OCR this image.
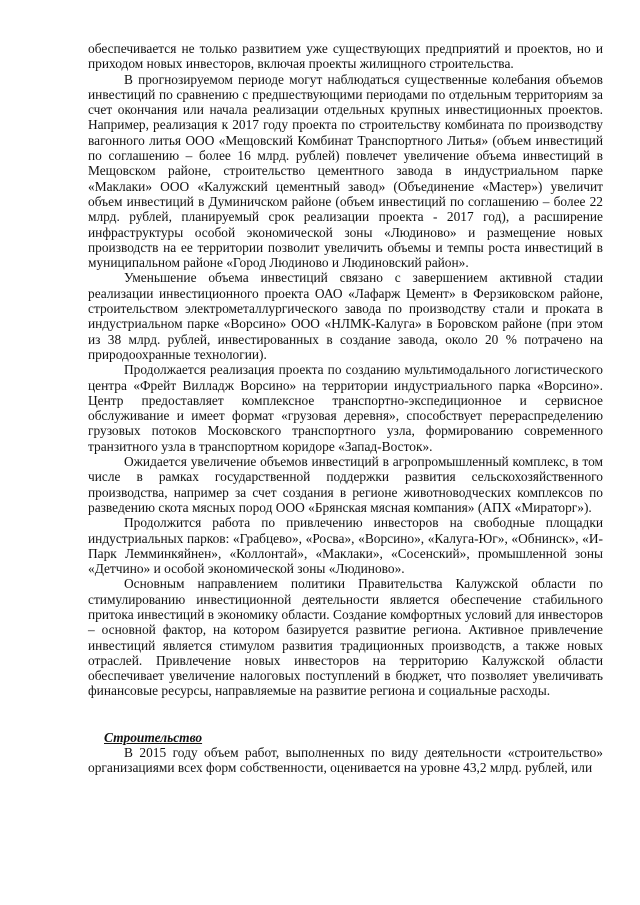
обеспечивается не только развитием уже существующих предприятий и проектов, но и приходом новых инвесторов, включая проекты жилищного строительства.

В прогнозируемом периоде могут наблюдаться существенные колебания объемов инвестиций по сравнению с предшествующими периодами по отдельным территориям за счет окончания или начала реализации отдельных крупных инвестиционных проектов. Например, реализация к 2017 году проекта по строительству комбината по производству вагонного литья ООО «Мещовский Комбинат Транспортного Литья» (объем инвестиций по соглашению – более 16 млрд. рублей) повлечет увеличение объема инвестиций в Мещовском районе, строительство цементного завода в индустриальном парке «Маклаки» ООО «Калужский цементный завод» (Объединение «Мастер») увеличит объем инвестиций в Думиничском районе (объем инвестиций по соглашению – более 22 млрд. рублей, планируемый срок реализации проекта - 2017 год), а расширение инфраструктуры особой экономической зоны «Людиново» и размещение новых производств на ее территории позволит увеличить объемы и темпы роста инвестиций в муниципальном районе «Город Людиново и Людиновский район».

Уменьшение объема инвестиций связано с завершением активной стадии реализации инвестиционного проекта ОАО «Лафарж Цемент» в Ферзиковском районе, строительством электрометаллургического завода по производству стали и проката в индустриальном парке «Ворсино» ООО «НЛМК-Калуга» в Боровском районе (при этом из 38 млрд. рублей, инвестированных в создание завода, около 20 % потрачено на природоохранные технологии).

Продолжается реализация проекта по созданию мультимодального логистического центра «Фрейт Вилладж Ворсино» на территории индустриального парка «Ворсино». Центр предоставляет комплексное транспортно-экспедиционное и сервисное обслуживание и имеет формат «грузовая деревня», способствует перераспределению грузовых потоков Московского транспортного узла, формированию современного транзитного узла в транспортном коридоре «Запад-Восток».

Ожидается увеличение объемов инвестиций в агропромышленный комплекс, в том числе в рамках государственной поддержки развития сельскохозяйственного производства, например за счет создания в регионе животноводческих комплексов по разведению скота мясных пород ООО «Брянская мясная компания» (АПХ «Мираторг»).

Продолжится работа по привлечению инвесторов на свободные площадки индустриальных парков: «Грабцево», «Росва», «Ворсино», «Калуга-Юг», «Обнинск», «И-Парк Лемминкяйнен», «Коллонтай», «Маклаки», «Сосенский», промышленной зоны «Детчино» и особой экономической зоны «Людиново».

Основным направлением политики Правительства Калужской области по стимулированию инвестиционной деятельности является обеспечение стабильного притока инвестиций в экономику области. Создание комфортных условий для инвесторов – основной фактор, на котором базируется развитие региона. Активное привлечение инвестиций является стимулом развития традиционных производств, а также новых отраслей. Привлечение новых инвесторов на территорию Калужской области обеспечивает увеличение налоговых поступлений в бюджет, что позволяет увеличивать финансовые ресурсы, направляемые на развитие региона и социальные расходы.

Строительство

В 2015 году объем работ, выполненных по виду деятельности «строительство» организациями всех форм собственности, оценивается на уровне 43,2 млрд. рублей, или
